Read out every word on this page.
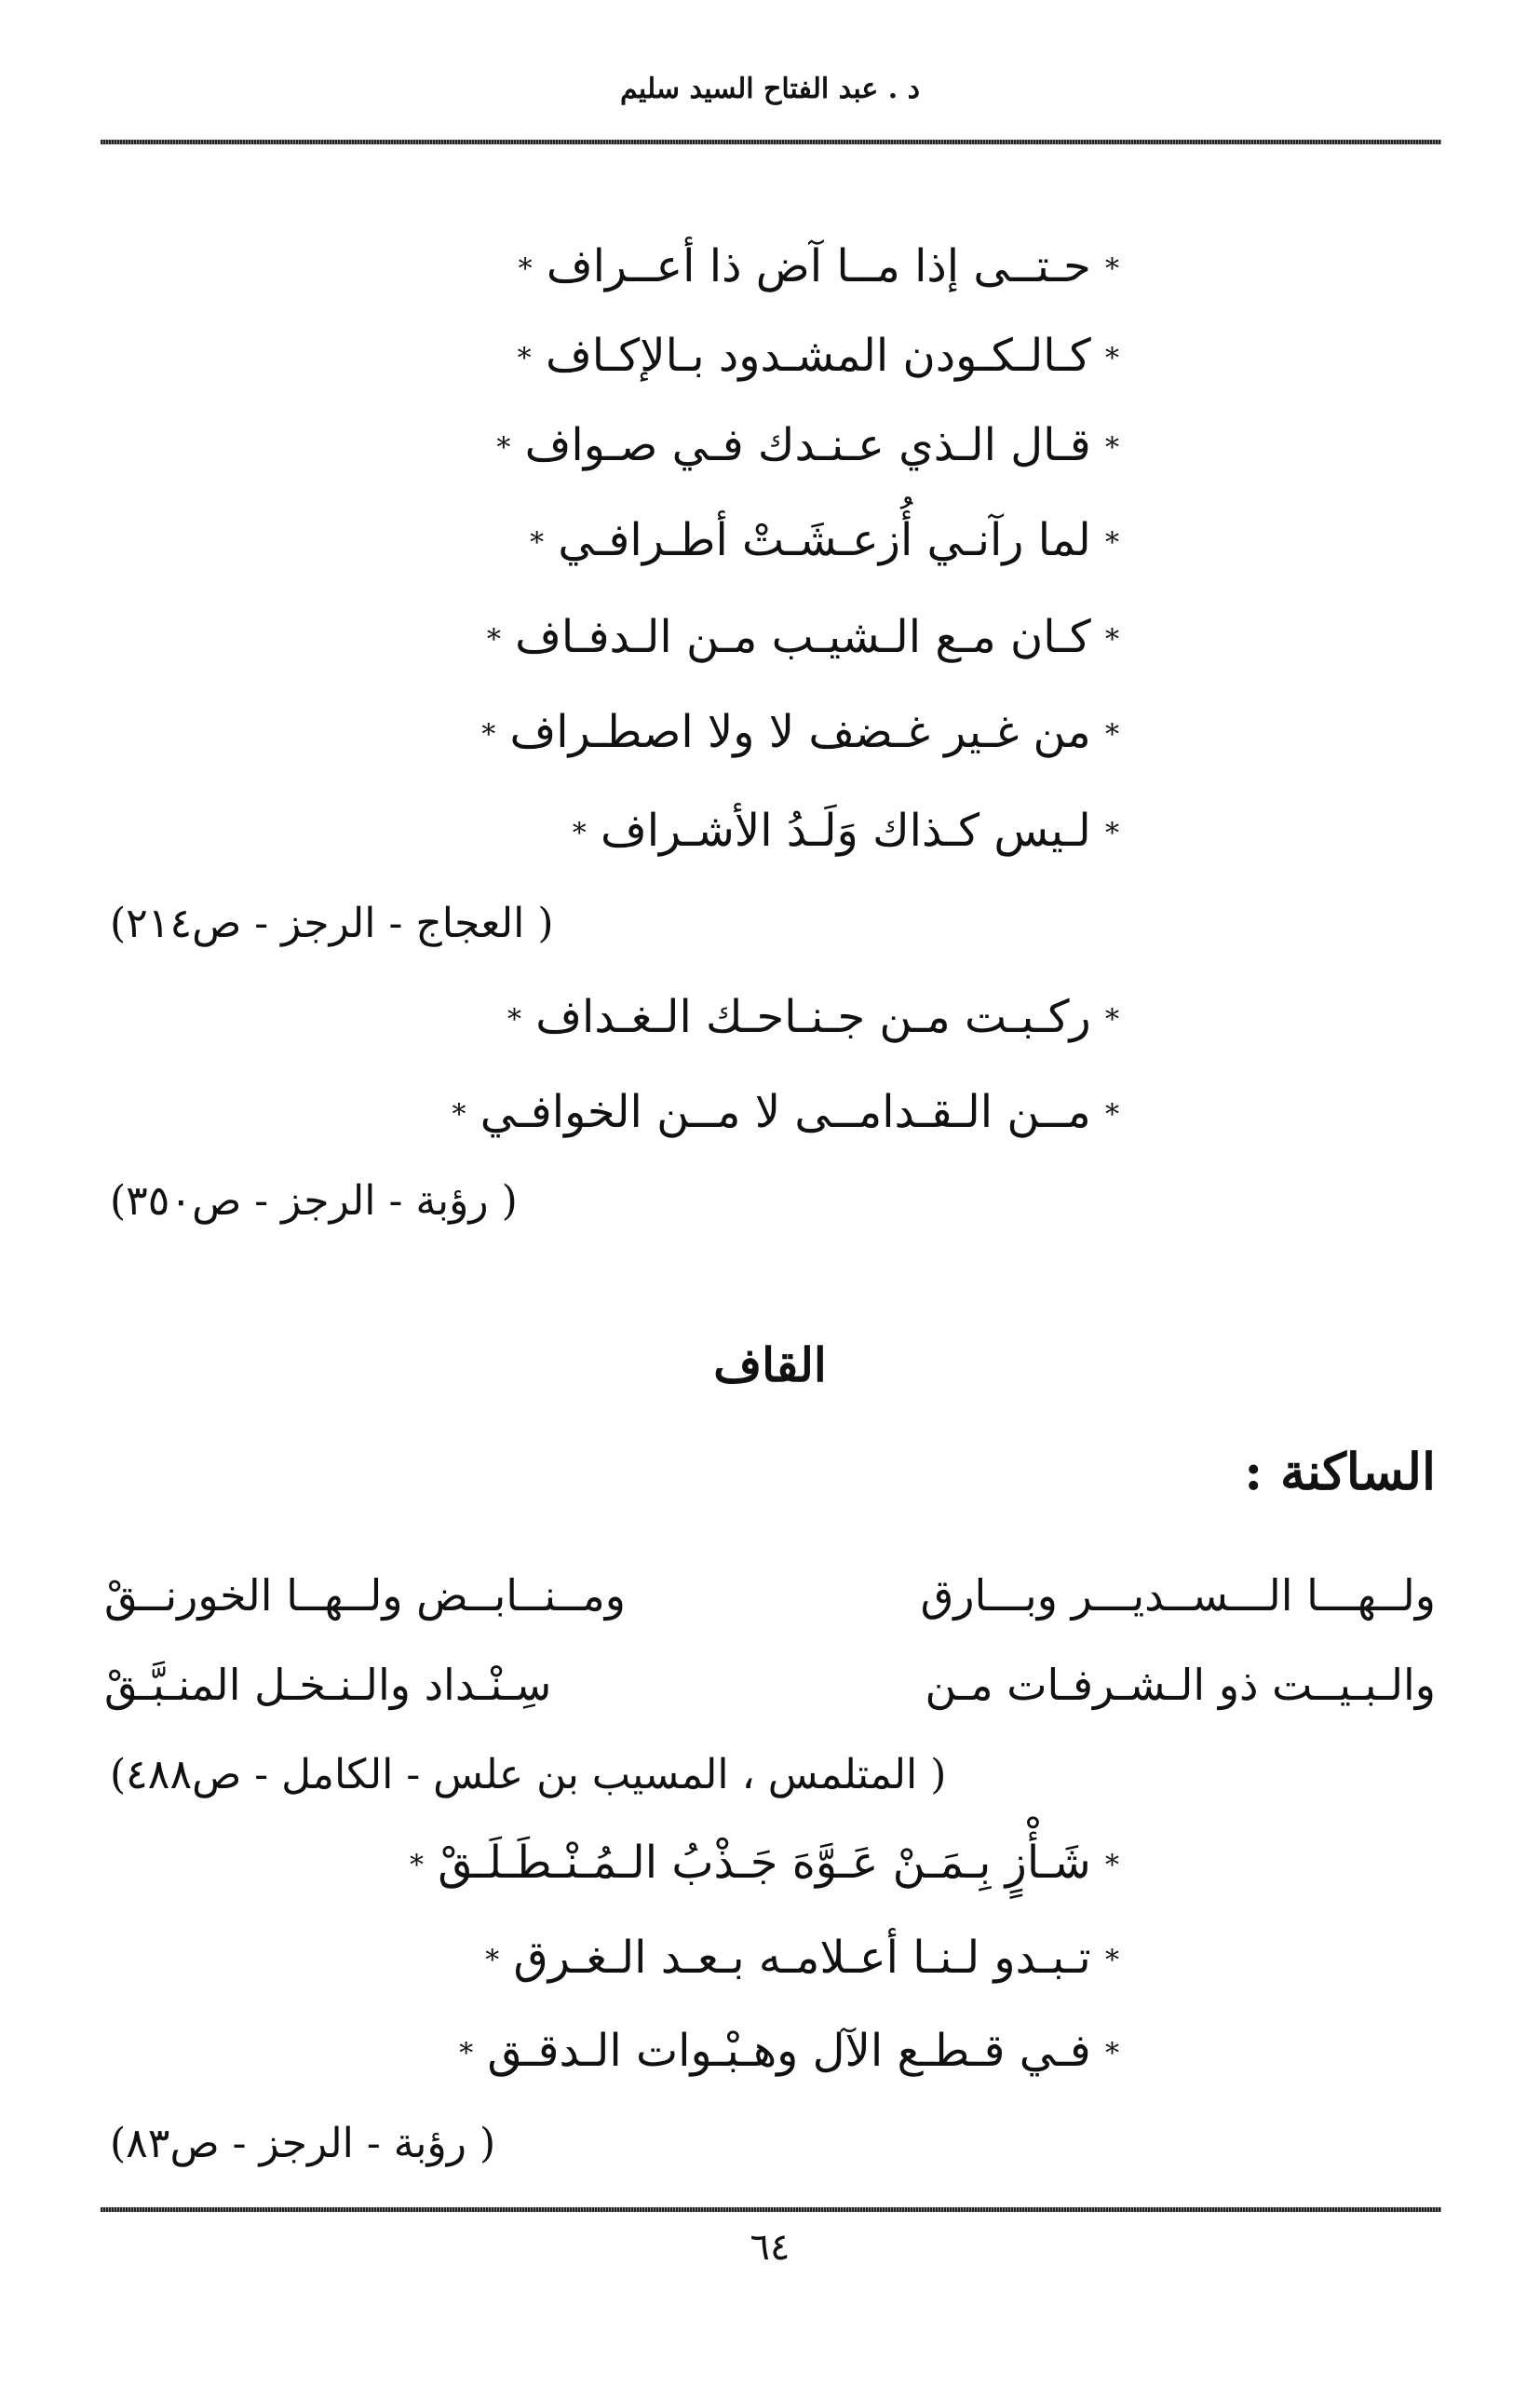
د . عبد الفتاح السيد سليم
* حـتــى إذا مــا آض ذا أعــراف *
* كـالـكـودن المشـدود بـالإكـاف *
* قـال الـذي عـنـدك فـي صـواف *
* لما رآنـي أُزعـشَـتْ أطـرافـي *
* كـان مـع الـشيـب مـن الـدفـاف *
* من غـير غـضف لا ولا اصطـراف *
* لـيس كـذاك وَلَـدُ الأشـراف *
( العجاج - الرجز - ص٢١٤)
* ركـبـت مـن جـنـاحـك الـغـداف *
* مــن الـقـدامــى لا مــن الخوافـي *
( رؤبة - الرجز - ص٣٥٠)
القاف
الساكنة :
ولــهـــا الـــســديـــر وبـــارق
ومــنــابــض ولــهــا الخورنــقْ
والـبـيــت ذو الـشـرفـات مـن
سِـنْـداد والـنـخـل المنـبَّـقْ
( المتلمس ، المسيب بن علس - الكامل - ص٤٨٨)
* شَـأْزٍ بِـمَـنْ عَـوَّهَ جَـذْبُ الـمُـنْـطَـلَـقْ *
* تـبـدو لـنـا أعـلامـه بـعـد الـغـرق *
* فـي قـطـع الآل وهـبْـوات الـدقـق *
( رؤبة - الرجز - ص٨٣)
٦٤
